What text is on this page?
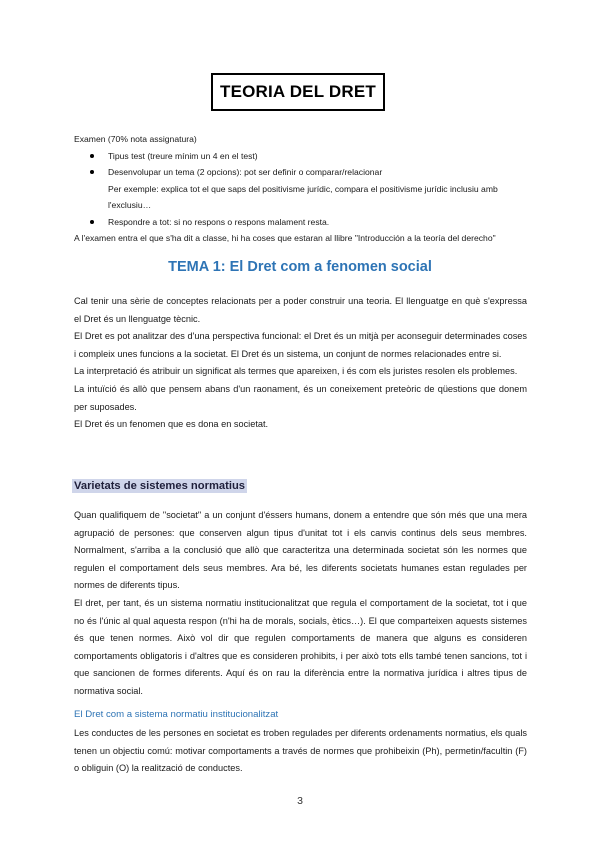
TEORIA DEL DRET

Examen (70% nota assignatura)

Tipus test (treure mínim un 4 en el test)
Desenvolupar un tema (2 opcions): pot ser definir o comparar/relacionar

Per exemple: explica tot el que saps del positivisme jurídic, compara el positivisme jurídic inclusiu amb

l'exclusiu…

Respondre a tot: si no respons o respons malament resta.

A l'examen entra el que s'ha dit a classe, hi ha coses que estaran al llibre "Introducción a la teoría del derecho"

TEMA 1: El Dret com a fenomen social

Cal tenir una sèrie de conceptes relacionats per a poder construir una teoria. El llenguatge en què s'expressa el Dret és un llenguatge tècnic.

El Dret es pot analitzar des d'una perspectiva funcional: el Dret és un mitjà per aconseguir determinades coses i compleix unes funcions a la societat. El Dret és un sistema, un conjunt de normes relacionades entre si.

La interpretació és atribuir un significat als termes que apareixen, i és com els juristes resolen els problemes.

La intuïció és allò que pensem abans d'un raonament, és un coneixement preteòric de qüestions que donem per suposades.

El Dret és un fenomen que es dona en societat.

Varietats de sistemes normatius

Quan qualifiquem de "societat" a un conjunt d'éssers humans, donem a entendre que són més que una mera agrupació de persones: que conserven algun tipus d'unitat tot i els canvis continus dels seus membres. Normalment, s'arriba a la conclusió que allò que caracteritza una determinada societat són les normes que regulen el comportament dels seus membres. Ara bé, les diferents societats humanes estan regulades per normes de diferents tipus.

El dret, per tant, és un sistema normatiu institucionalitzat que regula el comportament de la societat, tot i que no és l'únic al qual aquesta respon (n'hi ha de morals, socials, ètics…). El que comparteixen aquests sistemes és que tenen normes. Això vol dir que regulen comportaments de manera que alguns es consideren comportaments obligatoris i d'altres que es consideren prohibits, i per això tots ells també tenen sancions, tot i que sancionen de formes diferents. Aquí és on rau la diferència entre la normativa jurídica i altres tipus de normativa social.

El Dret com a sistema normatiu institucionalitzat

Les conductes de les persones en societat es troben regulades per diferents ordenaments normatius, els quals tenen un objectiu comú: motivar comportaments a través de normes que prohibeixin (Ph), permetin/facultin (F) o obliguin (O) la realització de conductes.

3
